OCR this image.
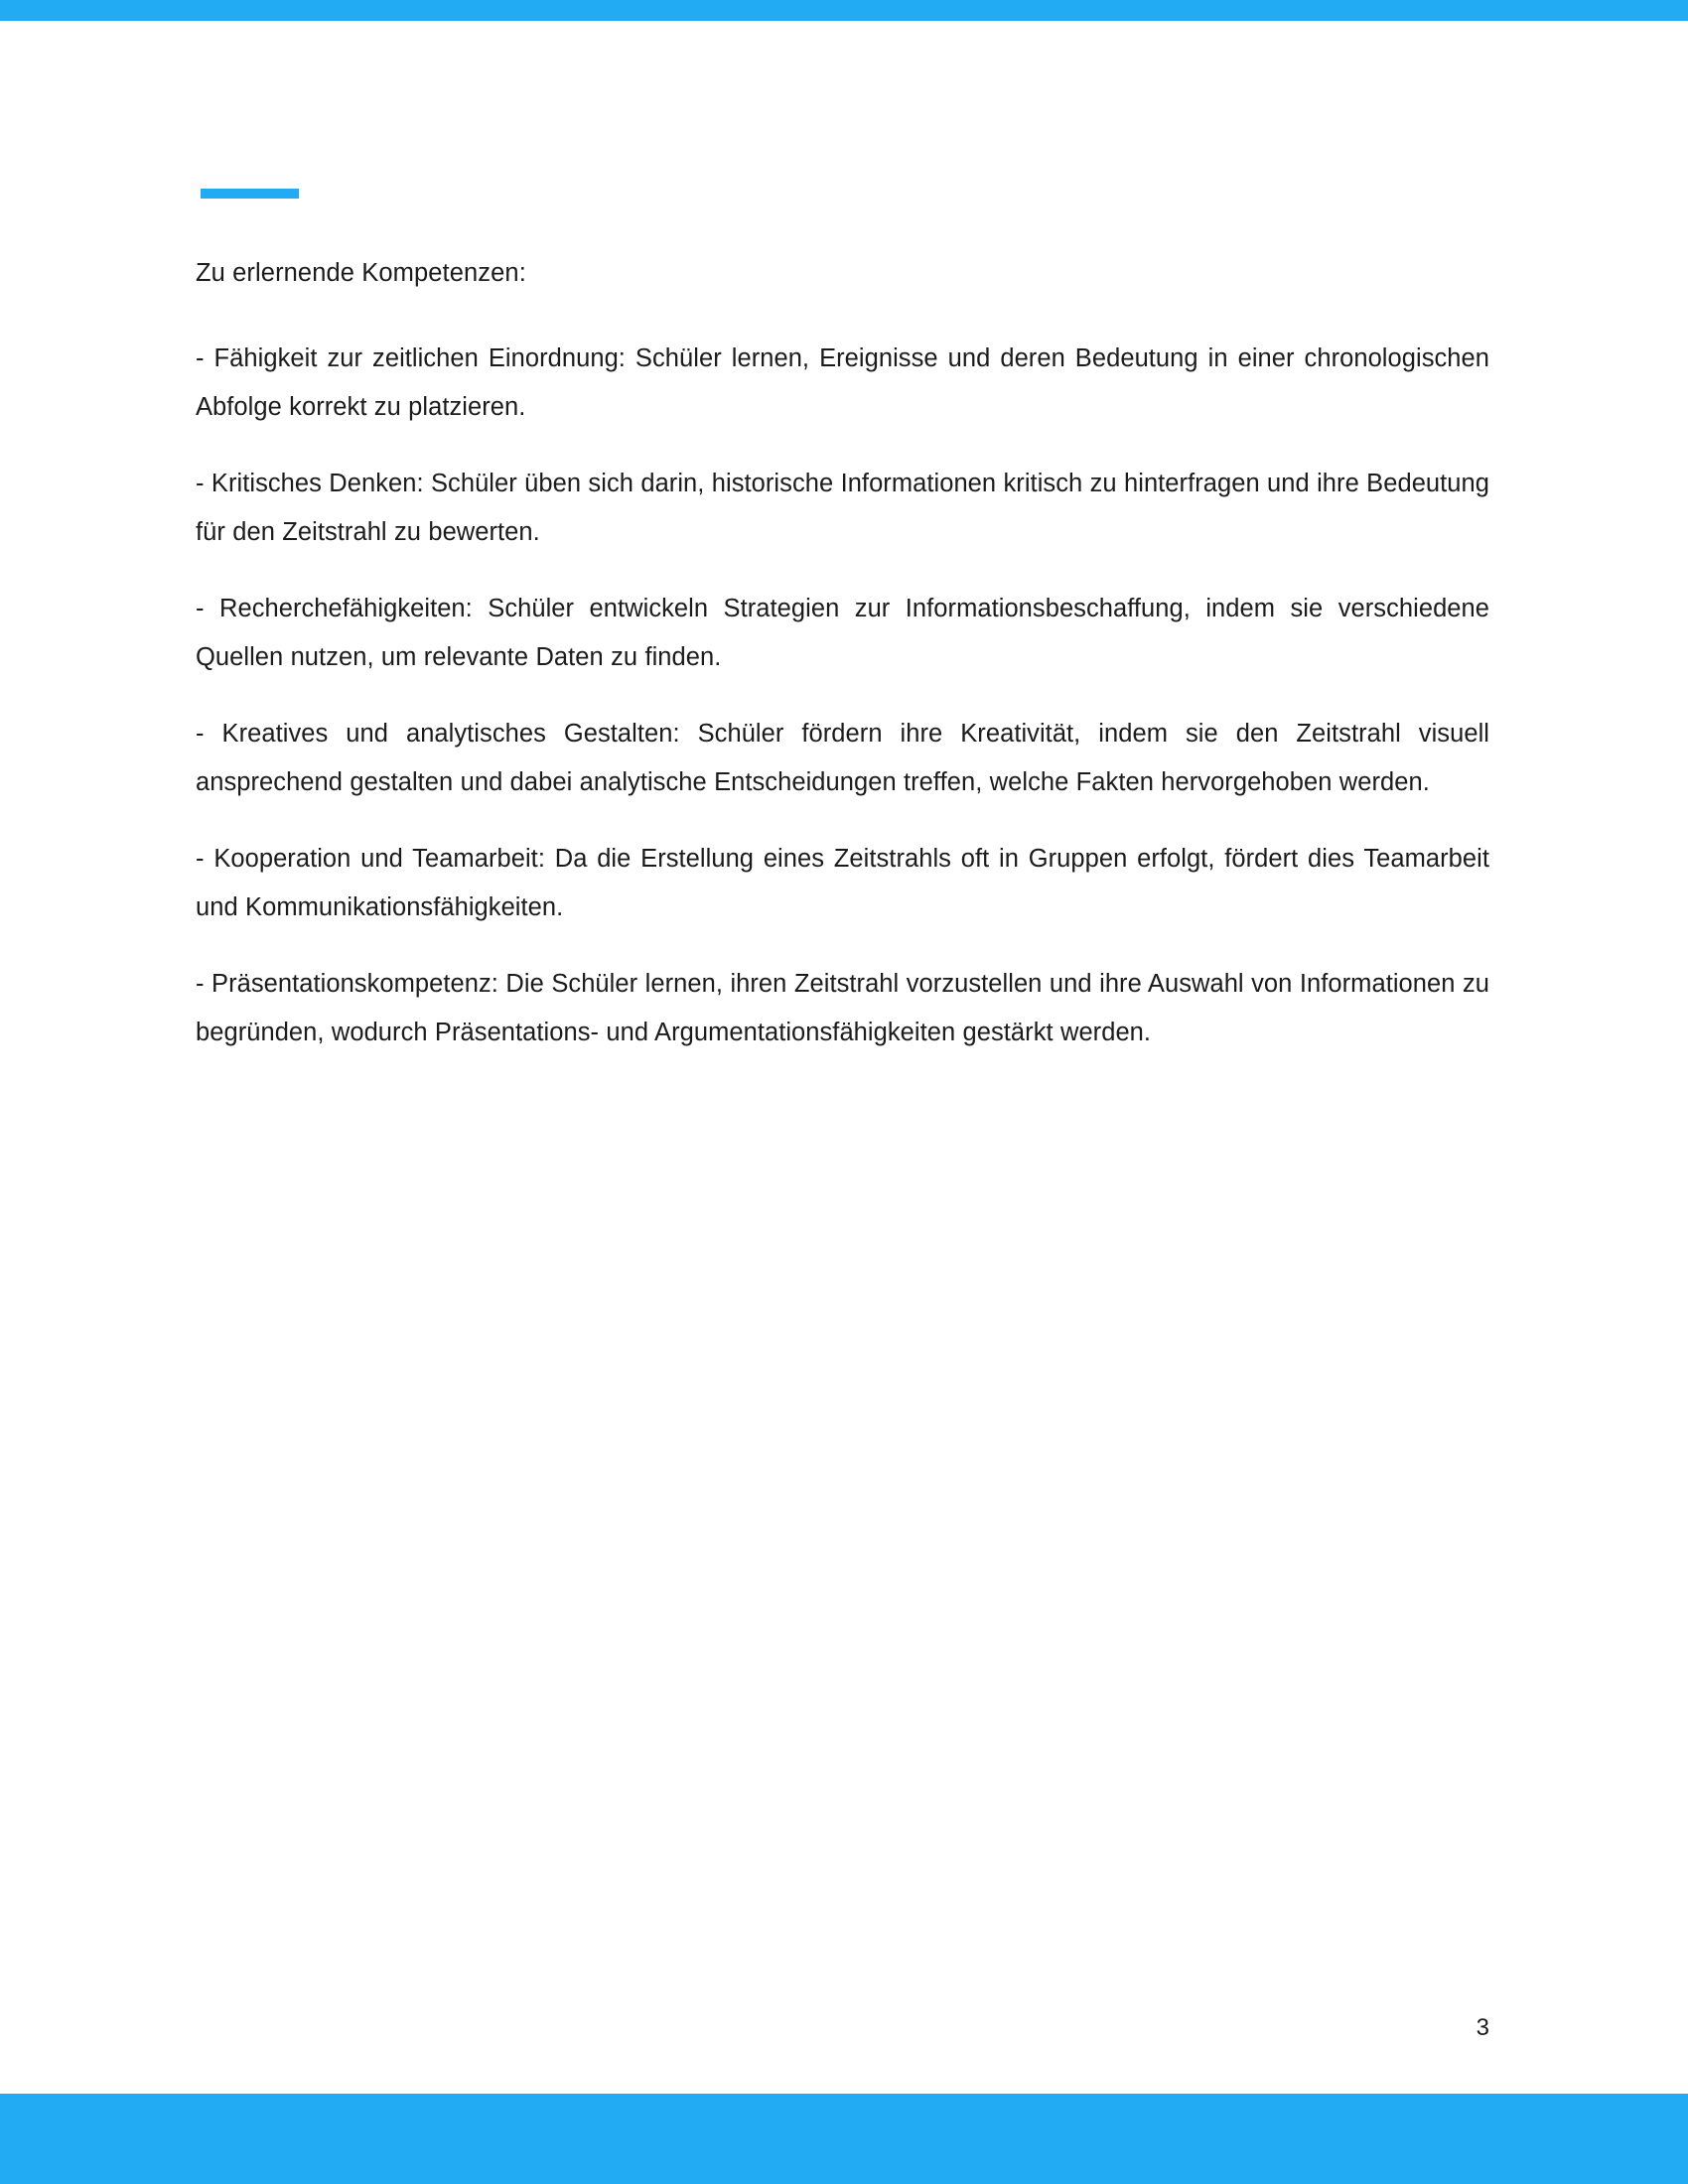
Zu erlernende Kompetenzen:

- Fähigkeit zur zeitlichen Einordnung: Schüler lernen, Ereignisse und deren Bedeutung in einer chronologischen Abfolge korrekt zu platzieren.

- Kritisches Denken: Schüler üben sich darin, historische Informationen kritisch zu hinterfragen und ihre Bedeutung für den Zeitstrahl zu bewerten.

- Recherchefähigkeiten: Schüler entwickeln Strategien zur Informationsbeschaffung, indem sie verschiedene Quellen nutzen, um relevante Daten zu finden.

- Kreatives und analytisches Gestalten: Schüler fördern ihre Kreativität, indem sie den Zeitstrahl visuell ansprechend gestalten und dabei analytische Entscheidungen treffen, welche Fakten hervorgehoben werden.

- Kooperation und Teamarbeit: Da die Erstellung eines Zeitstrahls oft in Gruppen erfolgt, fördert dies Teamarbeit und Kommunikationsfähigkeiten.

- Präsentationskompetenz: Die Schüler lernen, ihren Zeitstrahl vorzustellen und ihre Auswahl von Informationen zu begründen, wodurch Präsentations- und Argumentationsfähigkeiten gestärkt werden.

3
